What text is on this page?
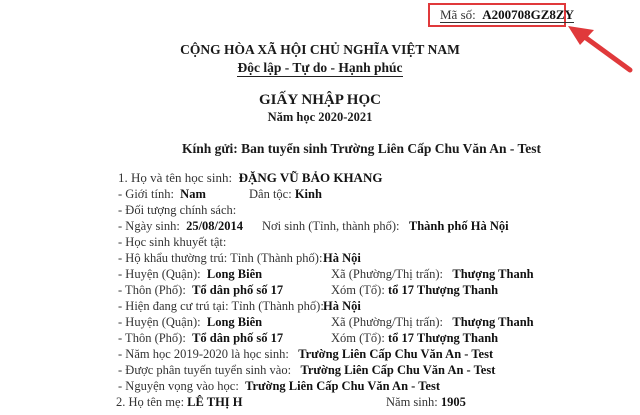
Mã số: A200708GZ8ZY
CỘNG HÒA XÃ HỘI CHỦ NGHĨA VIỆT NAM
Độc lập - Tự do - Hạnh phúc
GIẤY NHẬP HỌC
Năm học 2020-2021
Kính gửi: Ban tuyển sinh Trường Liên Cấp Chu Văn An - Test
1. Họ và tên học sinh: ĐẶNG VŨ BẢO KHANG
- Giới tính: Nam	Dân tộc: Kinh
- Đối tượng chính sách:
- Ngày sinh: 25/08/2014 Nơi sinh (Tỉnh, thành phố): Thành phố Hà Nội
- Học sinh khuyết tật:
- Hộ khẩu thường trú: Tỉnh (Thành phố): Hà Nội
- Huyện (Quận): Long Biên	Xã (Phường/Thị trấn): Thượng Thanh
- Thôn (Phố): Tổ dân phố số 17	Xóm (Tổ): tổ 17 Thượng Thanh
- Hiện đang cư trú tại: Tỉnh (Thành phố): Hà Nội
- Huyện (Quận): Long Biên	Xã (Phường/Thị trấn): Thượng Thanh
- Thôn (Phố): Tổ dân phố số 17	Xóm (Tổ): tổ 17 Thượng Thanh
- Năm học 2019-2020 là học sinh: Trường Liên Cấp Chu Văn An - Test
- Được phân tuyến tuyển sinh vào: Trường Liên Cấp Chu Văn An - Test
- Nguyện vọng vào học: Trường Liên Cấp Chu Văn An - Test
2. Họ tên mẹ: LÊ THỊ H	Năm sinh: 1905
